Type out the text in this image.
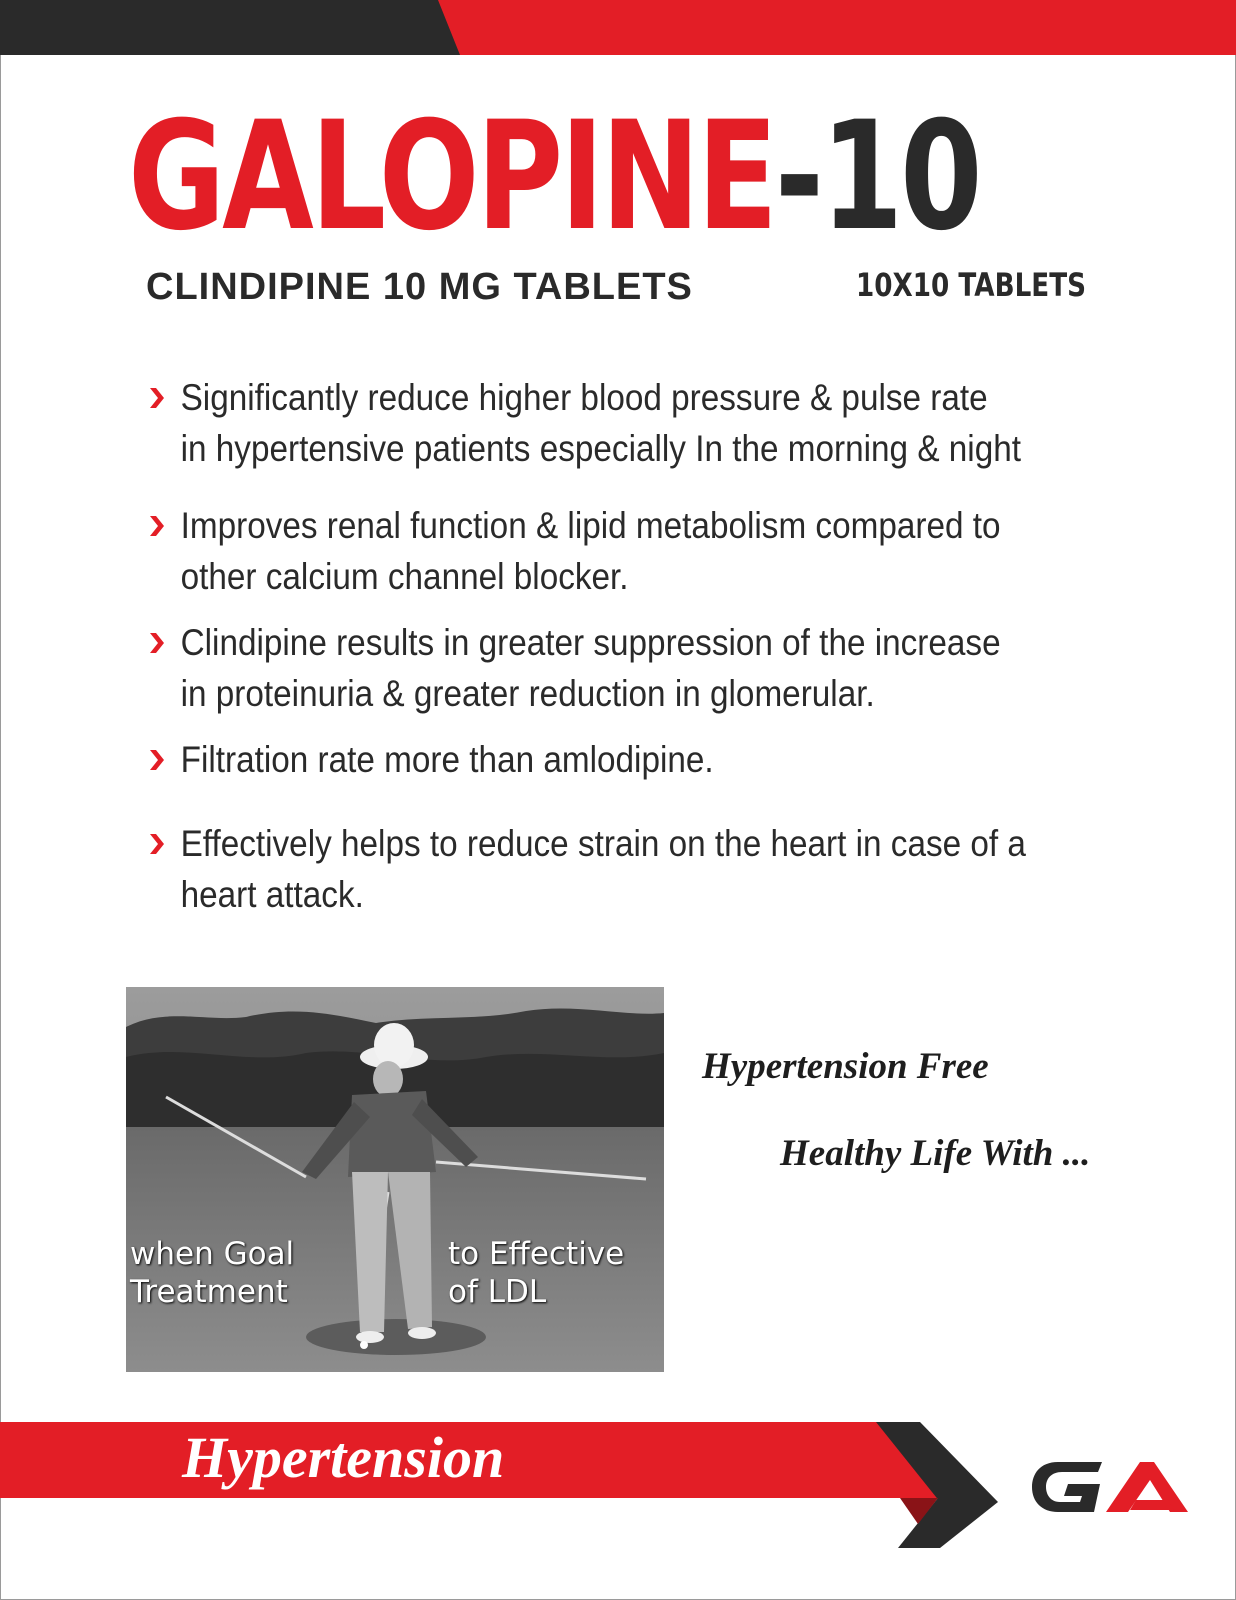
GALOPINE-10
CLINDIPINE 10 MG TABLETS	10X10 TABLETS
Significantly reduce higher blood pressure & pulse rate
in hypertensive patients especially In the morning & night
Improves renal function & lipid metabolism compared to
other calcium channel blocker.
Clindipine results in greater suppression of the increase
in proteinuria & greater reduction in glomerular.
Filtration rate more than amlodipine.
Effectively helps to reduce strain on the heart in case of a
heart attack.
when Goal
Treatment
to Effective
of LDL
Hypertension Free
Healthy Life With ...
Hypertension
